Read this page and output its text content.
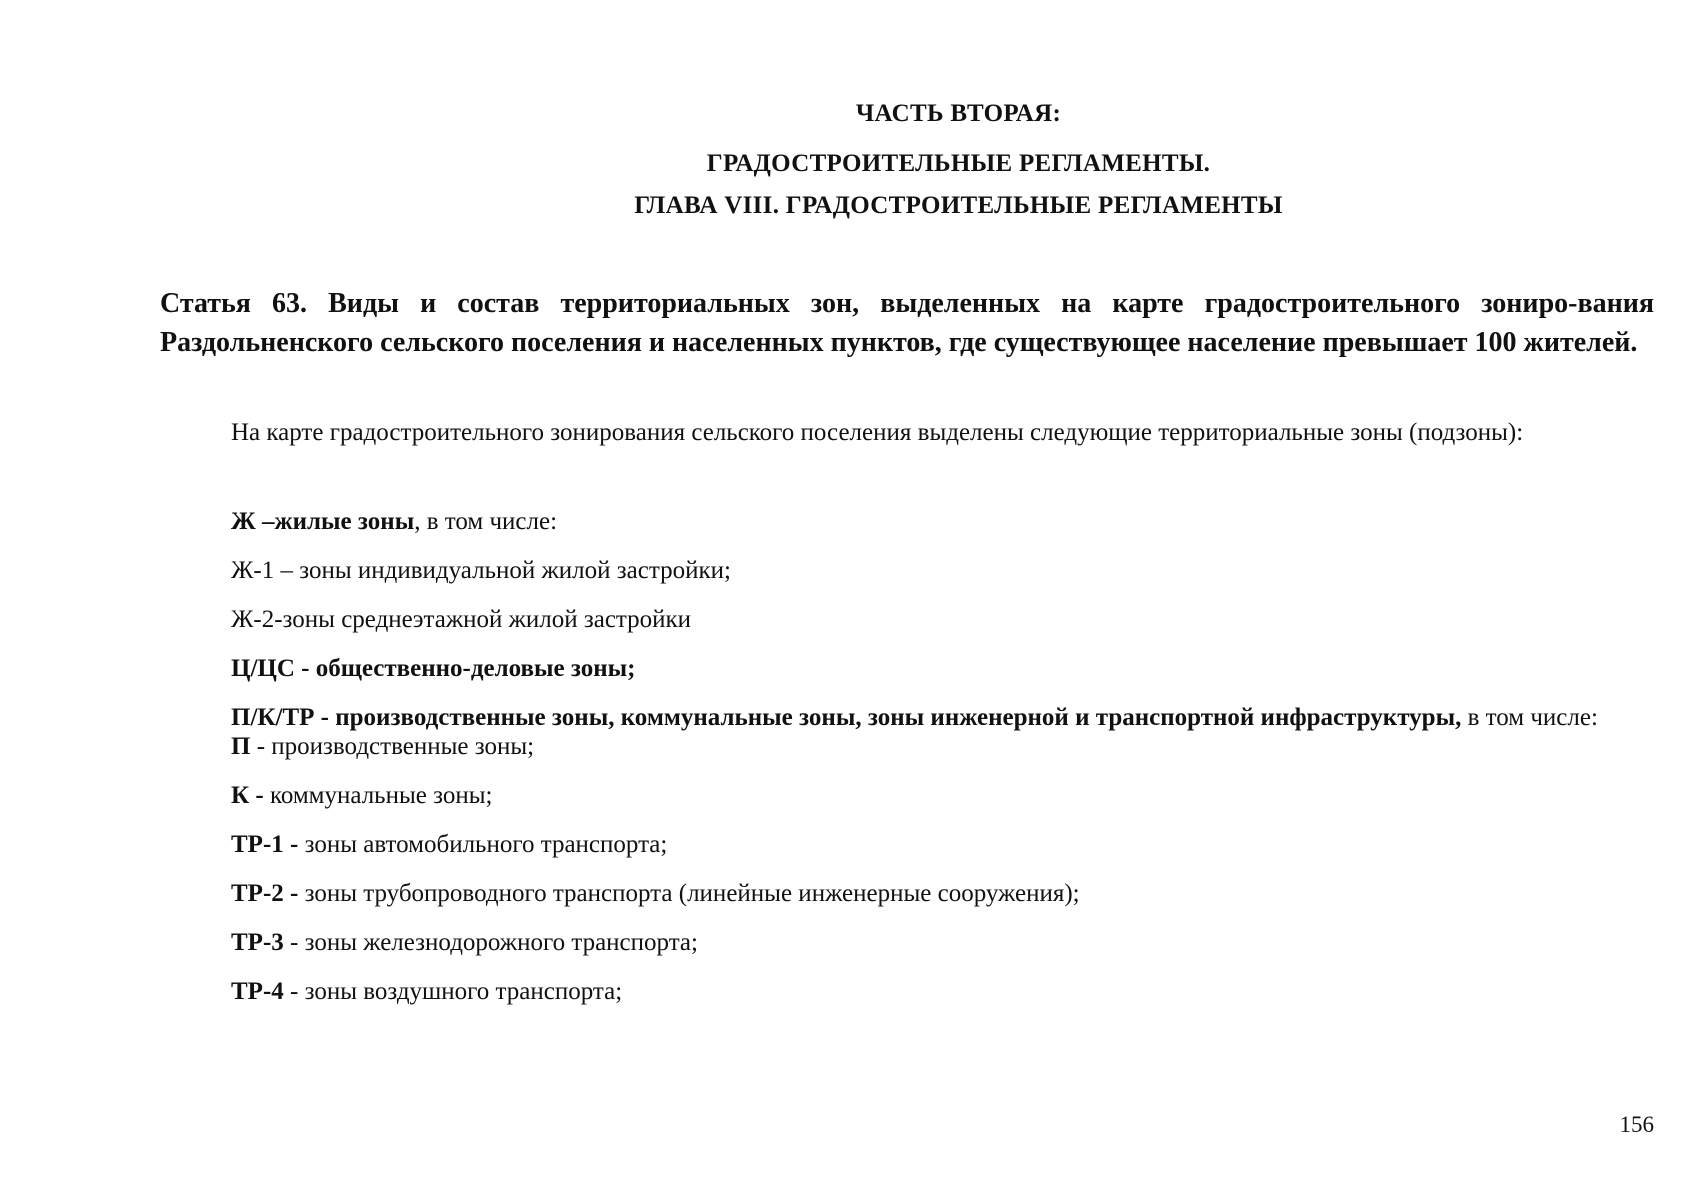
ЧАСТЬ ВТОРАЯ:
ГРАДОСТРОИТЕЛЬНЫЕ РЕГЛАМЕНТЫ.
ГЛАВА VIII. ГРАДОСТРОИТЕЛЬНЫЕ РЕГЛАМЕНТЫ
Статья 63. Виды и состав территориальных зон, выделенных на карте градостроительного зониро-вания Раздольненского сельского поселения и населенных пунктов, где существующее население превышает 100 жителей.
На карте градостроительного зонирования сельского поселения выделены следующие территориальные зоны (подзоны):
Ж –жилые зоны, в том числе:
Ж-1 – зоны индивидуальной жилой застройки;
Ж-2-зоны среднеэтажной жилой застройки
Ц/ЦС - общественно-деловые зоны;
П/К/ТР - производственные зоны, коммунальные зоны, зоны инженерной и транспортной инфраструктуры, в том числе:
П - производственные зоны;
К - коммунальные зоны;
ТР-1 - зоны автомобильного транспорта;
ТР-2 - зоны трубопроводного транспорта (линейные инженерные сооружения);
ТР-3 - зоны железнодорожного транспорта;
ТР-4 - зоны воздушного транспорта;
156
